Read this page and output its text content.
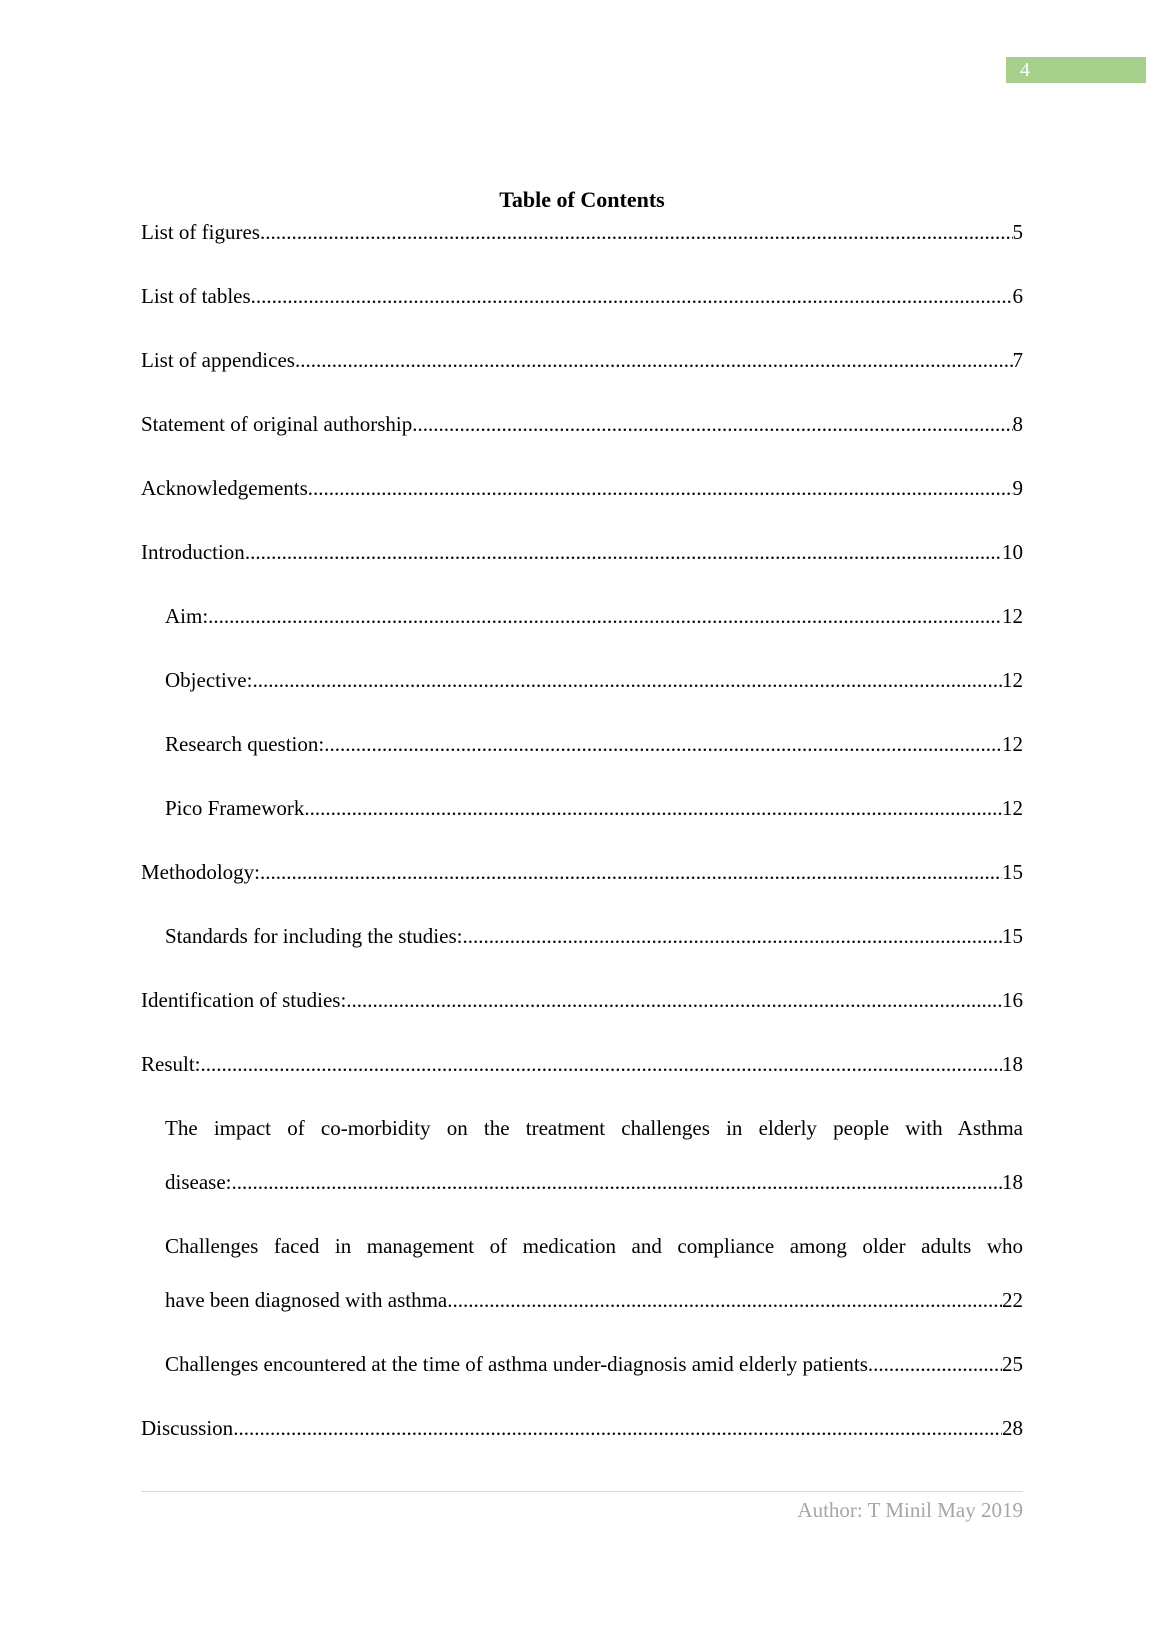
4
Table of Contents
List of figures .....	5
List of tables .....	6
List of appendices .....	7
Statement of original authorship .....	8
Acknowledgements .....	9
Introduction .....	10
Aim: .....	12
Objective: .....	12
Research question: .....	12
Pico Framework .....	12
Methodology: .....	15
Standards for including the studies: .....	15
Identification of studies: .....	16
Result: .....	18
The impact of co-morbidity on the treatment challenges in elderly people with Asthma
disease: .....	18
Challenges faced in management of medication and compliance among older adults who
have been diagnosed with asthma .....	22
Challenges encountered at the time of asthma under-diagnosis amid elderly patients .....	25
Discussion .....	28
Author: T Minil May 2019
